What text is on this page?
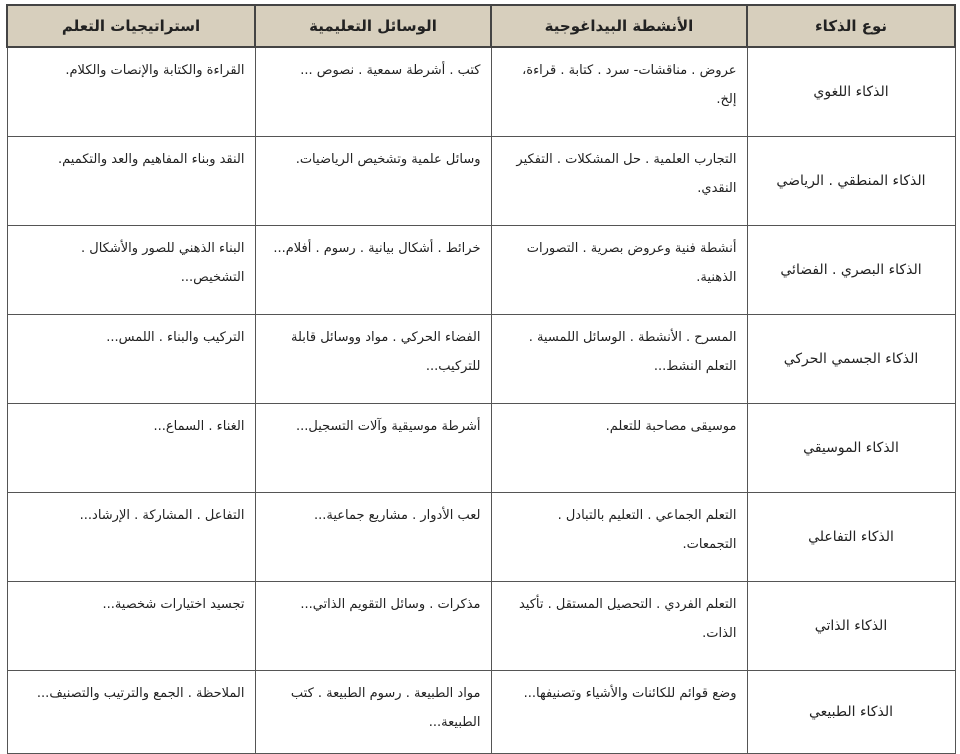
نوع الذكاء	الأنشطة البيداغوجية	الوسائل التعليمية	استراتيجيات التعلم
الذكاء اللغوي	عروض . مناقشات- سرد . كتابة . قراءة، إلخ.	كتب . أشرطة سمعية . نصوص ...	القراءة والكتابة والإنصات والكلام.
الذكاء المنطقي . الرياضي	التجارب العلمية . حل المشكلات . التفكير النقدي.	وسائل علمية وتشخيص الرياضيات.	النقد وبناء المفاهيم والعد والتكميم.
الذكاء البصري . الفضائي	أنشطة فنية وعروض بصرية . التصورات الذهنية.	خرائط . أشكال بيانية . رسوم . أفلام...	البناء الذهني للصور والأشكال . التشخيص...
الذكاء الجسمي الحركي	المسرح . الأنشطة . الوسائل اللمسية . التعلم النشط...	الفضاء الحركي . مواد ووسائل قابلة للتركيب...	التركيب والبناء . اللمس...
الذكاء الموسيقي	موسيقى مصاحبة للتعلم.	أشرطة موسيقية وآلات التسجيل...	الغناء . السماع...
الذكاء التفاعلي	التعلم الجماعي . التعليم بالتبادل . التجمعات.	لعب الأدوار . مشاريع جماعية...	التفاعل . المشاركة . الإرشاد...
الذكاء الذاتي	التعلم الفردي . التحصيل المستقل . تأكيد الذات.	مذكرات . وسائل التقويم الذاتي...	تجسيد اختيارات شخصية...
الذكاء الطبيعي	وضع قوائم للكائنات والأشياء وتصنيفها...	مواد الطبيعة . رسوم الطبيعة . كتب الطبيعة...	الملاحظة . الجمع والترتيب والتصنيف...
